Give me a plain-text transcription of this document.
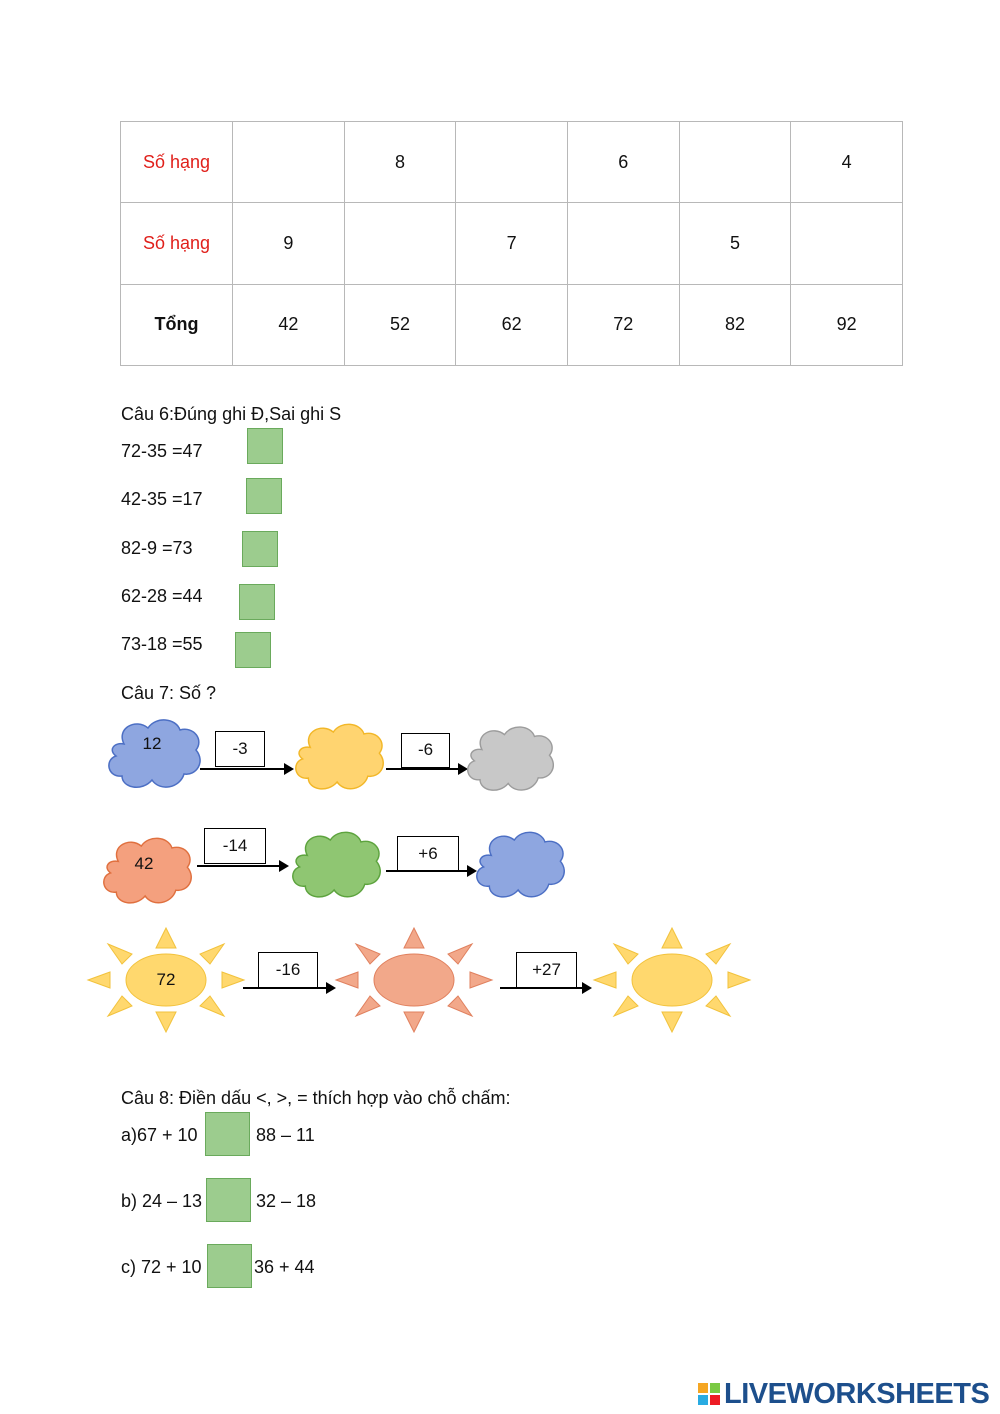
Số hạng		8		6		4
Số hạng	9		7		5	
Tổng	42	52	62	72	82	92
Câu 6:Đúng ghi Đ,Sai ghi S
72-35 =47
42-35 =17
82-9 =73
62-28 =44
73-18 =55
Câu 7: Số ?
12	-3	-6
42
-14	+6
72
-16	+27
Câu 8: Điền dấu <, >, = thích hợp vào chỗ chấm:
a)67 + 10	88 – 11
b) 24 – 13	32 – 18
c) 72 + 10	36 + 44
LIVEWORKSHEETS
